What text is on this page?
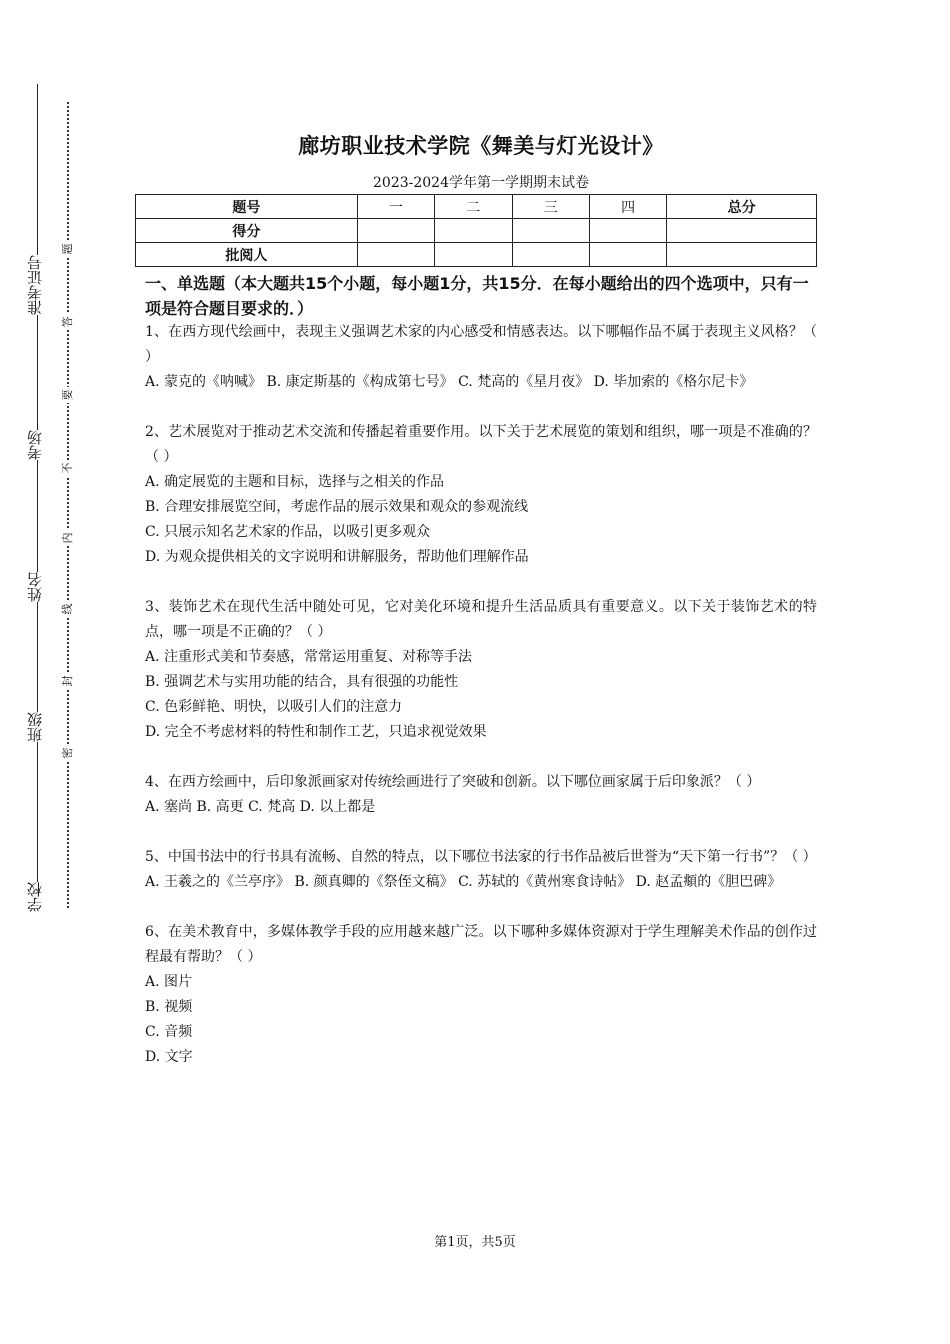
准考证号
考场
姓名
班级
学校
题
答
要
不
内
线
封
密
廊坊职业技术学院《舞美与灯光设计》
2023-2024学年第一学期期末试卷
题号	一	二	三	四	总分
得分					
批阅人					
一、单选题（本大题共15个小题，每小题1分，共15分．在每小题给出的四个选项中，只有一项是符合题目要求的．）
1、在西方现代绘画中，表现主义强调艺术家的内心感受和情感表达。以下哪幅作品不属于表现主义风格？（ ）
A. 蒙克的《呐喊》 B. 康定斯基的《构成第七号》 C. 梵高的《星月夜》 D. 毕加索的《格尔尼卡》
2、艺术展览对于推动艺术交流和传播起着重要作用。以下关于艺术展览的策划和组织，哪一项是不准确的？（ ）
A. 确定展览的主题和目标，选择与之相关的作品
B. 合理安排展览空间，考虑作品的展示效果和观众的参观流线
C. 只展示知名艺术家的作品，以吸引更多观众
D. 为观众提供相关的文字说明和讲解服务，帮助他们理解作品
3、装饰艺术在现代生活中随处可见，它对美化环境和提升生活品质具有重要意义。以下关于装饰艺术的特点，哪一项是不正确的？（ ）
A. 注重形式美和节奏感，常常运用重复、对称等手法
B. 强调艺术与实用功能的结合，具有很强的功能性
C. 色彩鲜艳、明快，以吸引人们的注意力
D. 完全不考虑材料的特性和制作工艺，只追求视觉效果
4、在西方绘画中，后印象派画家对传统绘画进行了突破和创新。以下哪位画家属于后印象派？（ ）
A. 塞尚 B. 高更 C. 梵高 D. 以上都是
5、中国书法中的行书具有流畅、自然的特点，以下哪位书法家的行书作品被后世誉为“天下第一行书”？（ ）
A. 王羲之的《兰亭序》 B. 颜真卿的《祭侄文稿》 C. 苏轼的《黄州寒食诗帖》 D. 赵孟頫的《胆巴碑》
6、在美术教育中，多媒体教学手段的应用越来越广泛。以下哪种多媒体资源对于学生理解美术作品的创作过程最有帮助？（ ）
A. 图片
B. 视频
C. 音频
D. 文字
第1页，共5页
